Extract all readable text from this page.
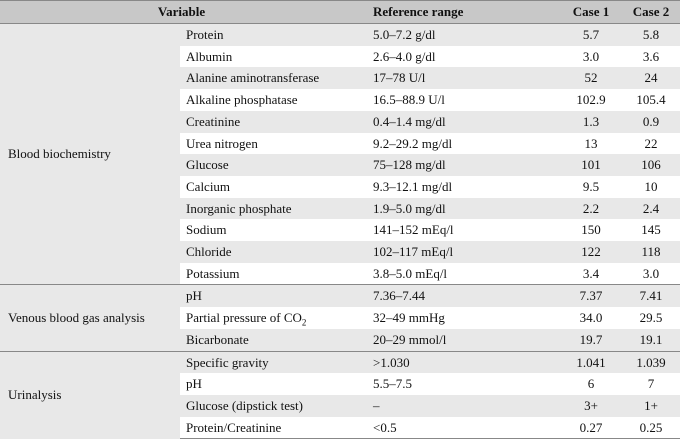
Variable		Reference range	Case 1	Case 2
Blood biochemistry	Protein	5.0–7.2 g/dl	5.7	5.8
	Albumin	2.6–4.0 g/dl	3.0	3.6
	Alanine aminotransferase	17–78 U/l	52	24
	Alkaline phosphatase	16.5–88.9 U/l	102.9	105.4
	Creatinine	0.4–1.4 mg/dl	1.3	0.9
	Urea nitrogen	9.2–29.2 mg/dl	13	22
	Glucose	75–128 mg/dl	101	106
	Calcium	9.3–12.1 mg/dl	9.5	10
	Inorganic phosphate	1.9–5.0 mg/dl	2.2	2.4
	Sodium	141–152 mEq/l	150	145
	Chloride	102–117 mEq/l	122	118
	Potassium	3.8–5.0 mEq/l	3.4	3.0
Venous blood gas analysis	pH	7.36–7.44	7.37	7.41
	Partial pressure of $CO_2$	32–49 mmHg	34.0	29.5
	Bicarbonate	20–29 mmol/l	19.7	19.1
Urinalysis	Specific gravity	>1.030	1.041	1.039
	pH	5.5–7.5	6	7
	Glucose (dipstick test)	–	3+	1+
	Protein/Creatinine	<0.5	0.27	0.25
